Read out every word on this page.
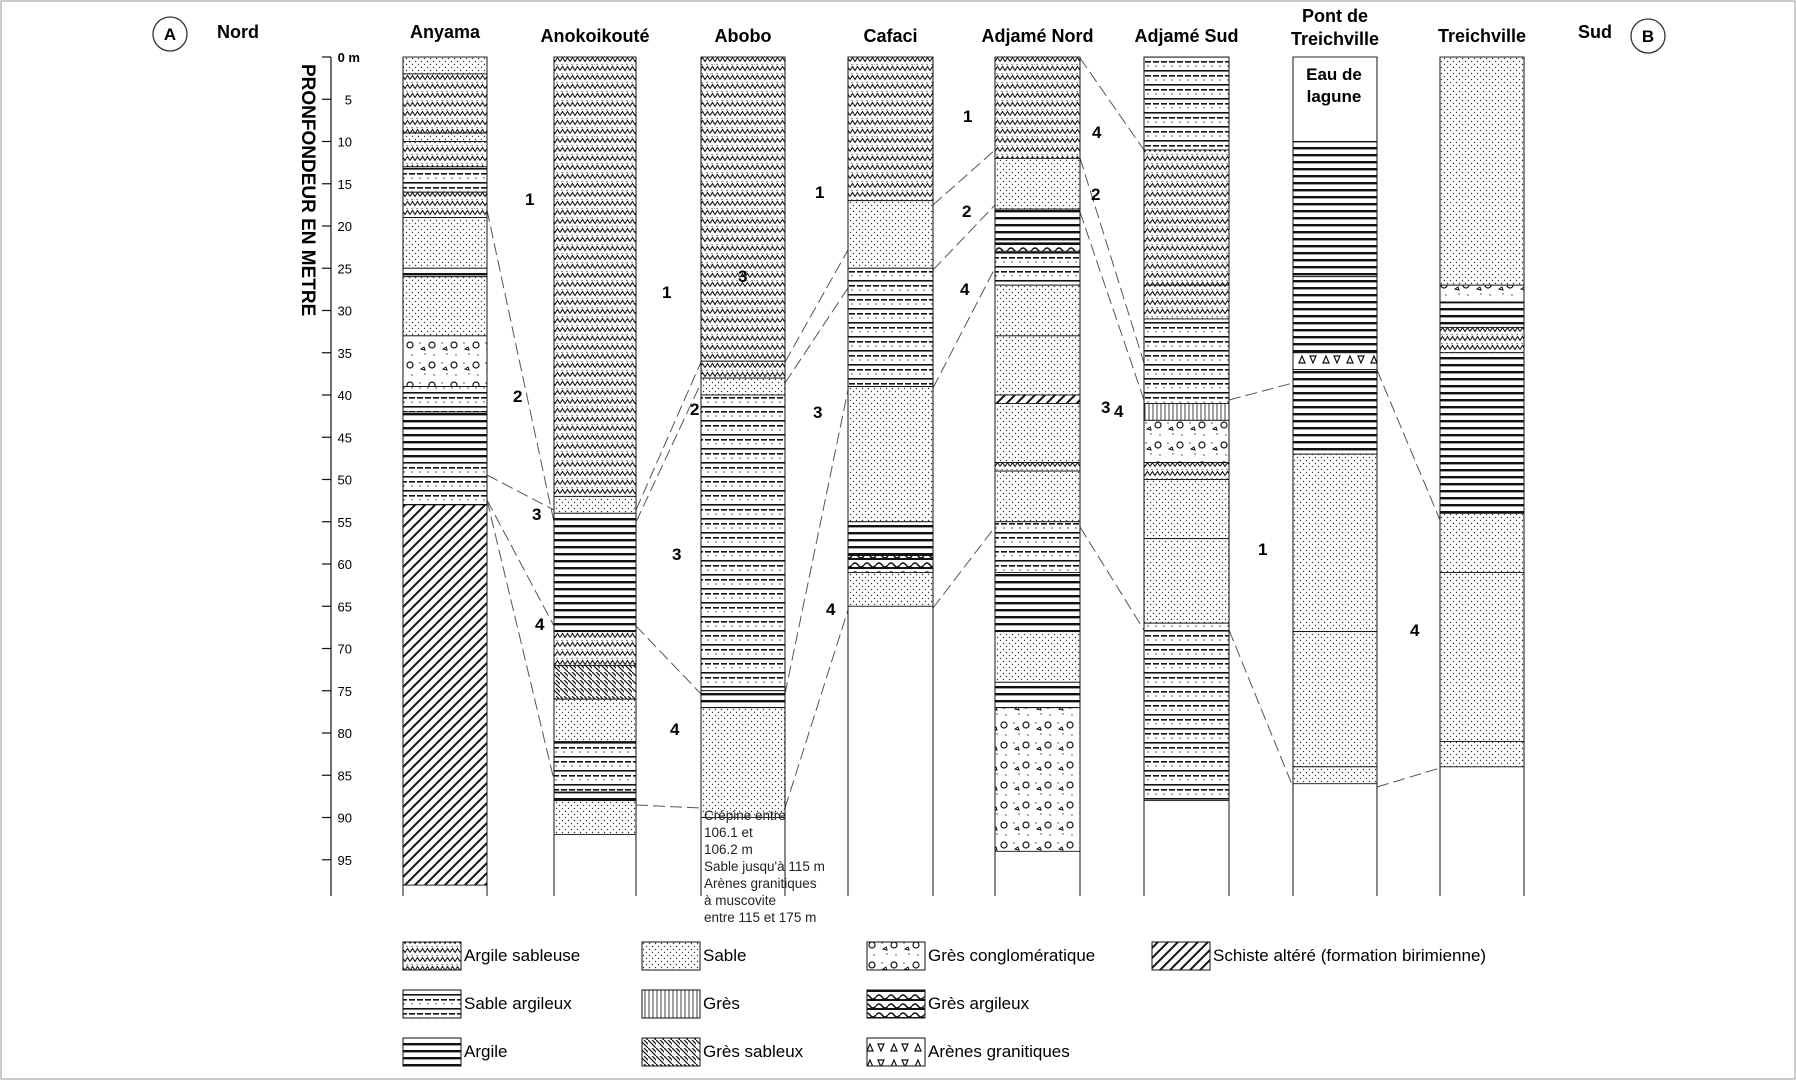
A Nord	Sud B
0 m
5
10
15
20
25
30
35
40
45
50
55
60
65
70
75
80
85
90
95
PRONFONDEUR EN METRE
Anyama	Anokoikouté	Abobo	Cafaci	Adjamé Nord Adjamé Sud
Pont de
Treichville	Treichville
1
2
3
4
1
3
4
1
2	3
4
1
2
3
4
2
3 4
1
4
4
Eau de
lagune
Crépine entre
106.1 et
106.2 m
Sable jusqu'à 115 m
Arènes granitiques
à muscovite
entre 115 et 175 m
Argile sableuse	Sable	Grès conglomératique	Schiste altéré (formation birimienne)
Sable argileux	Grès	Grès argileux
Argile	Grès sableux	Arènes granitiques
